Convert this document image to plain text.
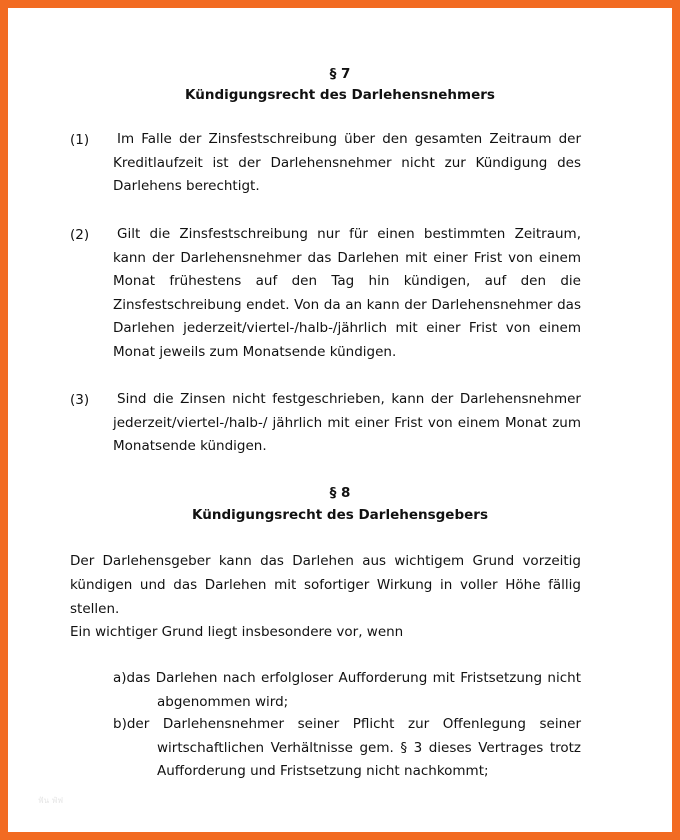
§ 7
Kündigungsrecht des Darlehensnehmers
(1) Im Falle der Zinsfestschreibung über den gesamten Zeitraum der Kreditlaufzeit ist der Darlehensnehmer nicht zur Kündigung des Darlehens berechtigt.
(2) Gilt die Zinsfestschreibung nur für einen bestimmten Zeitraum, kann der Darlehensnehmer das Darlehen mit einer Frist von einem Monat frühestens auf den Tag hin kündigen, auf den die Zinsfestschreibung endet. Von da an kann der Darlehensnehmer das Darlehen jederzeit/viertel-/halb-/jährlich mit einer Frist von einem Monat jeweils zum Monatsende kündigen.
(3) Sind die Zinsen nicht festgeschrieben, kann der Darlehensnehmer jederzeit/viertel-/halb-/ jährlich mit einer Frist von einem Monat zum Monatsende kündigen.
§ 8
Kündigungsrecht des Darlehensgebers
Der Darlehensgeber kann das Darlehen aus wichtigem Grund vorzeitig kündigen und das Darlehen mit sofortiger Wirkung in voller Höhe fällig stellen.
Ein wichtiger Grund liegt insbesondere vor, wenn
a)das Darlehen nach erfolgloser Aufforderung mit Fristsetzung nicht abgenommen wird;
b)der Darlehensnehmer seiner Pflicht zur Offenlegung seiner wirtschaftlichen Verhältnisse gem. § 3 dieses Vertrages trotz Aufforderung und Fristsetzung nicht nachkommt;
ฟัน ฟ๋ฟ
